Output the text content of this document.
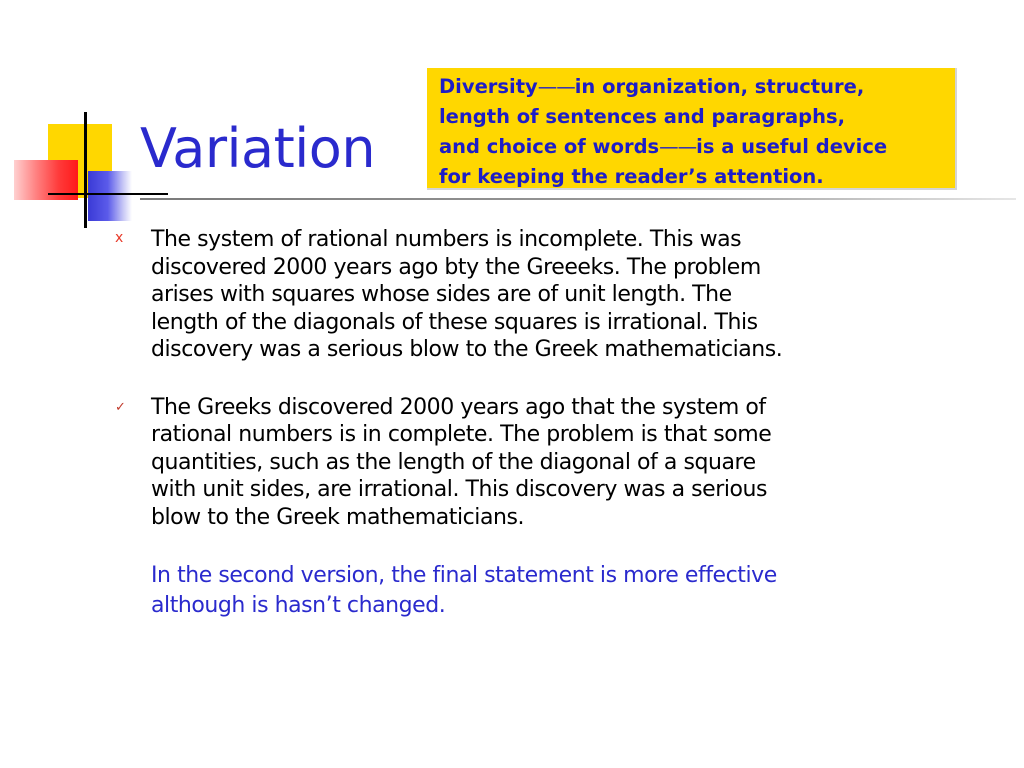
Variation
Diversity——in organization, structure,
length of sentences and paragraphs,
and choice of words——is a useful device
for keeping the reader’s attention.
x The system of rational numbers is incomplete. This was
discovered 2000 years ago bty the Greeeks. The problem
arises with squares whose sides are of unit length. The
length of the diagonals of these squares is irrational. This
discovery was a serious blow to the Greek mathematicians.
✓ The Greeks discovered 2000 years ago that the system of
rational numbers is in complete. The problem is that some
quantities, such as the length of the diagonal of a square
with unit sides, are irrational. This discovery was a serious
blow to the Greek mathematicians.
In the second version, the final statement is more effective
although is hasn’t changed.
